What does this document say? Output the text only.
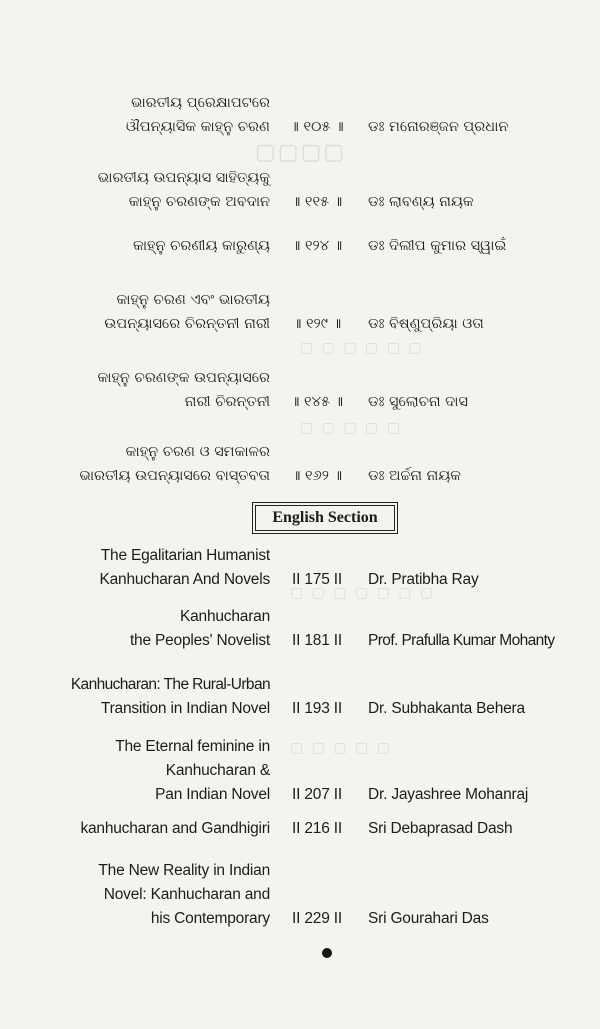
▢▢▢▢
▢ ▢ ▢ ▢ ▢ ▢
▢ ▢ ▢ ▢ ▢
▢ ▢ ▢ ▢ ▢ ▢ ▢
▢ ▢ ▢ ▢ ▢
ଭାରତୀୟ ପ୍ରେକ୍ଷାପଟରେ
ଔପନ୍ୟାସିକ କାହ୍ନୁ ଚରଣ	॥ ୧୦୫ ॥	ଡଃ ମନୋରଞ୍ଜନ ପ୍ରଧାନ
ଭାରତୀୟ ଉପନ୍ୟାସ ସାହିତ୍ୟକୁ
କାହ୍ନୁ ଚରଣଙ୍କ ଅବଦାନ	॥ ୧୧୫ ॥	ଡଃ ଲାବଣ୍ୟ ନାୟକ
କାହ୍ନୁ ଚରଣୀୟ କାରୁଣ୍ୟ	॥ ୧୨୪ ॥	ଡଃ ଦିଲୀପ କୁମାର ସ୍ୱାଇଁ
କାହ୍ନୁ ଚରଣ ଏବଂ ଭାରତୀୟ
ଉପନ୍ୟାସରେ ଚିରନ୍ତନୀ ନାରୀ	॥ ୧୨୯ ॥	ଡଃ ବିଷ୍ଣୁପ୍ରିୟା ଓତା
କାହ୍ନୁ ଚରଣଙ୍କ ଉପନ୍ୟାସରେ
ନାରୀ ଚିରନ୍ତନୀ	॥ ୧୪୫ ॥	ଡଃ ସୁଲୋଚନା ଦାସ
କାହ୍ନୁ ଚରଣ ଓ ସମକାଳର
ଭାରତୀୟ ଉପନ୍ୟାସରେ ବାସ୍ତବତା	॥ ୧୬୨ ॥	ଡଃ ଅର୍ଚ୍ଚନା ନାୟକ
English Section
The Egalitarian Humanist
Kanhucharan And Novels	II 175 II	Dr. Pratibha Ray
Kanhucharan
the Peoples' Novelist	II 181 II	Prof. Prafulla Kumar Mohanty
Kanhucharan: The Rural-Urban
Transition in Indian Novel	II 193 II	Dr. Subhakanta Behera
The Eternal feminine in
Kanhucharan &
Pan Indian Novel	II 207 II	Dr. Jayashree Mohanraj
kanhucharan and Gandhigiri	II 216 II	Sri Debaprasad Dash
The New Reality in Indian
Novel: Kanhucharan and
his Contemporary	II 229 II	Sri Gourahari Das
